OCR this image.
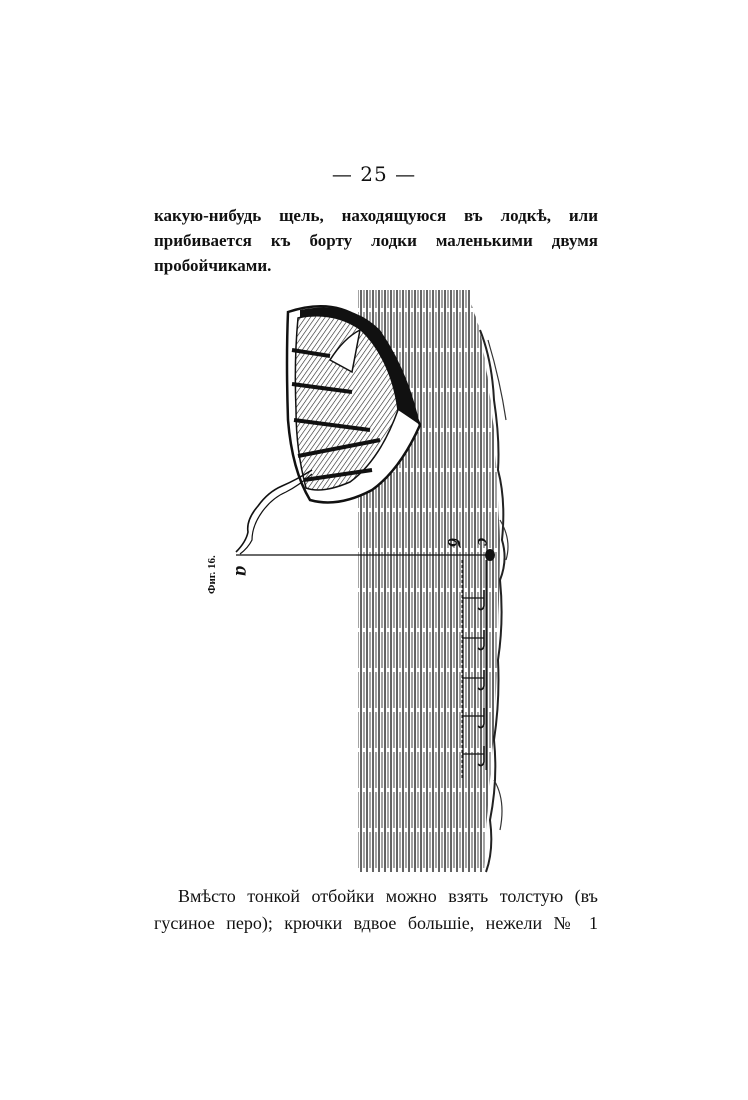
— 25 —
какую-нибудь щель, находящуюся въ лодкѣ, или
прибивается къ борту лодки маленькими двумя
пробойчиками.
Фиг. 16. a
б с
Вмѣсто тонкой отбойки можно взять толстую (въ
гусиное перо); крючки вдвое большіе, нежели № 1
